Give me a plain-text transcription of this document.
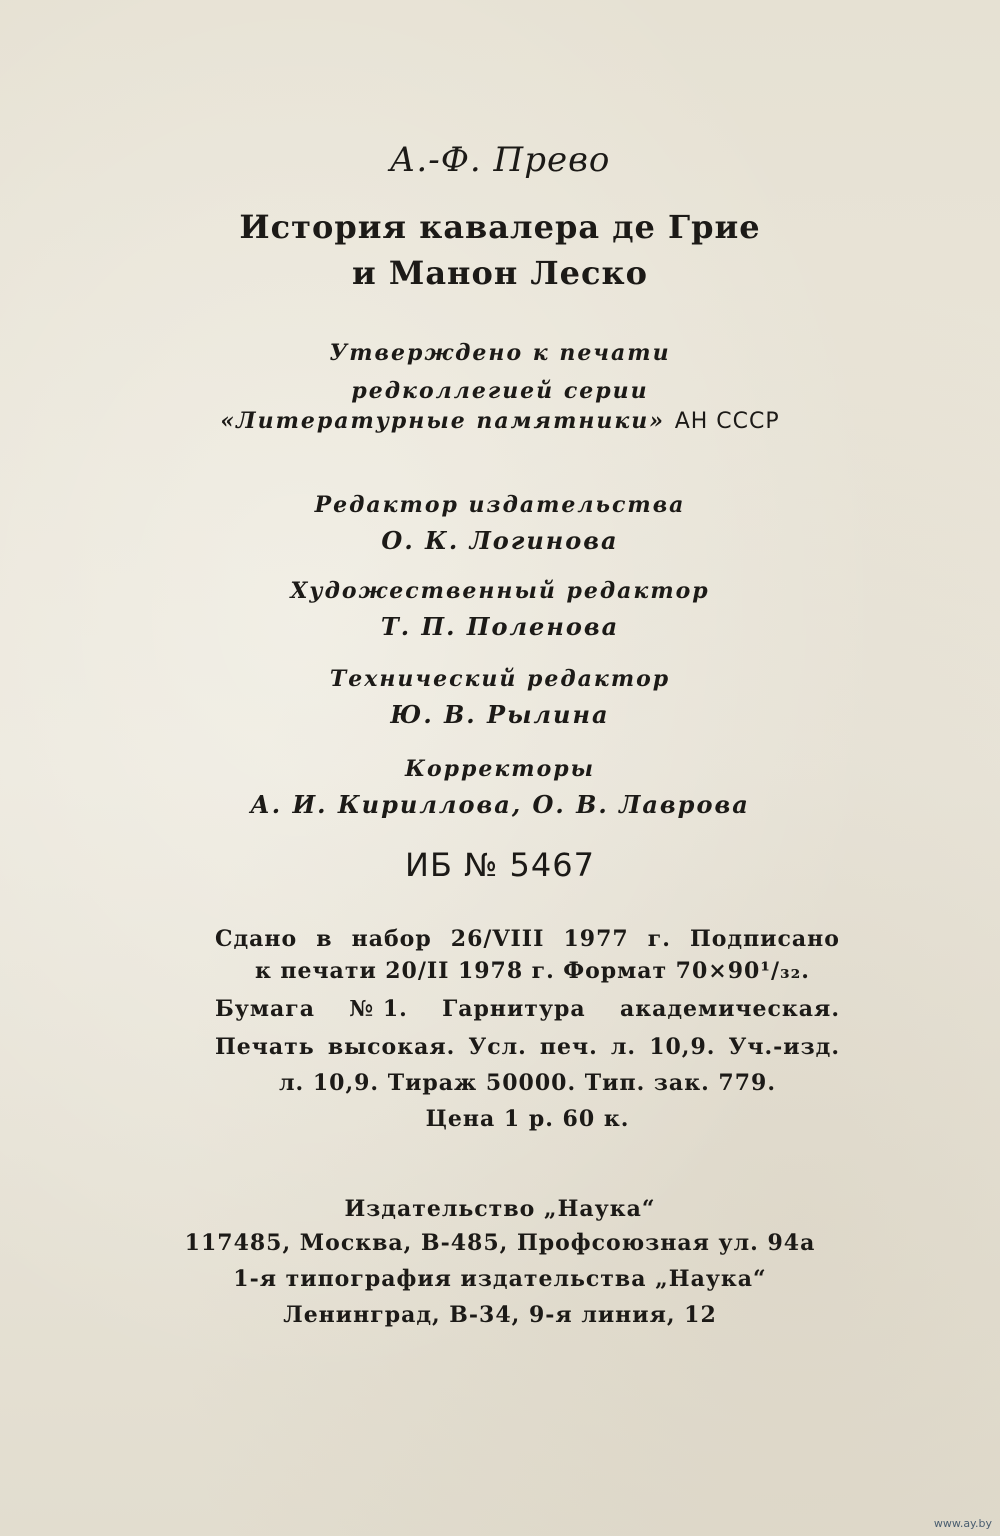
А.-Ф. Прево
История кавалера де Грие
и Манон Леско
Утверждено к печати
редколлегией серии
«Литературные памятники» АН СССР
Редактор издательства
О. К. Логинова
Художественный редактор
Т. П. Поленова
Технический редактор
Ю. В. Рылина
Корректоры
А. И. Кириллова, О. В. Лаврова
ИБ № 5467
Сдано в набор 26/VIII 1977 г. Подписано
к печати 20/II 1978 г. Формат 70×90¹/₃₂.
Бумага № 1. Гарнитура академическая.
Печать высокая. Усл. печ. л. 10,9. Уч.-изд.
л. 10,9. Тираж 50000. Тип. зак. 779.
Цена 1 р. 60 к.
Издательство „Наука“
117485, Москва, В-485, Профсоюзная ул. 94а
1-я типография издательства „Наука“
Ленинград, В-34, 9-я линия, 12
www.ay.by
